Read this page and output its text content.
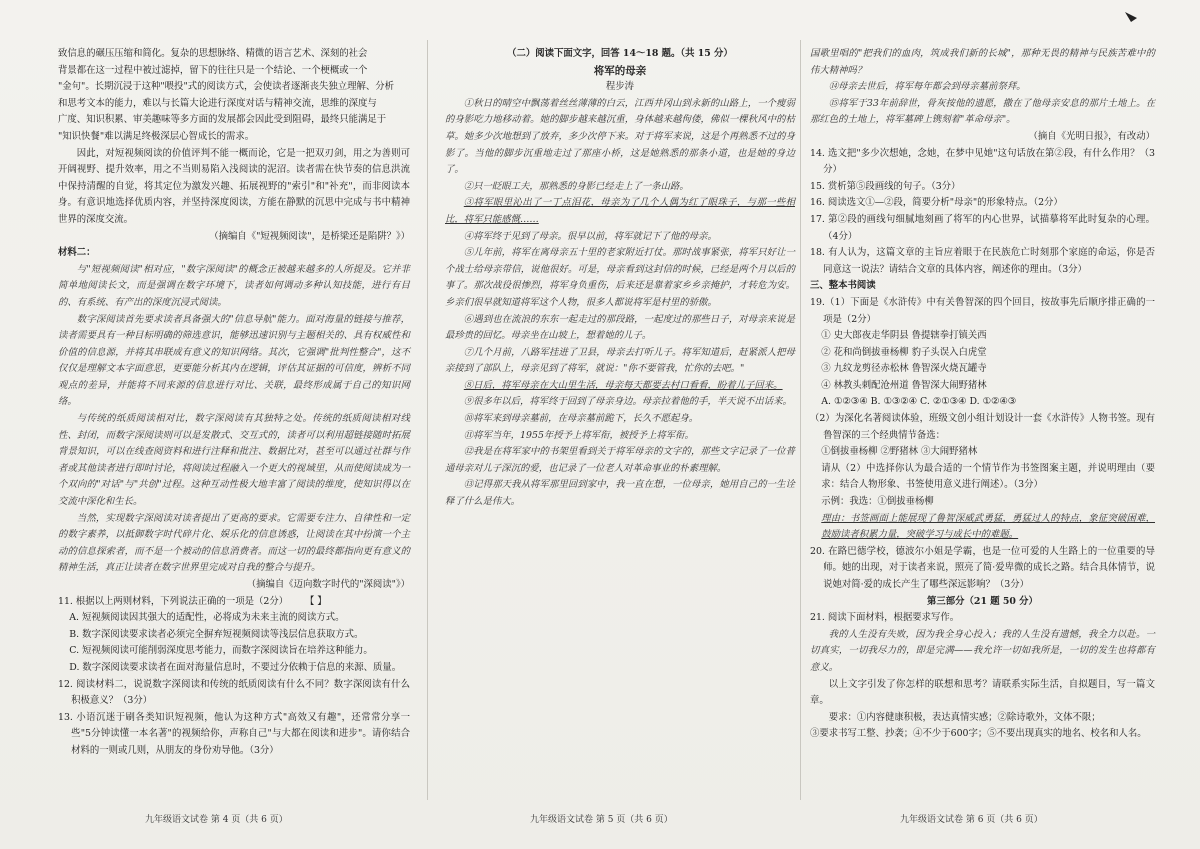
致信息的碾压压缩和简化。复杂的思想脉络、精微的语言艺术、深刻的社会

背景都在这一过程中被过滤掉，留下的往往只是一个结论、一个梗概或一个

"金句"。长期沉浸于这种"喂投"式的阅读方式，会使读者逐渐丧失独立理解、分析

和思考文本的能力，难以与长篇大论进行深度对话与精神交流，思维的深度与

广度、知识积累、审美趣味等多方面的发展都会因此受到阻碍，最终只能满足于

"知识快餐"难以满足终极深层心智成长的需求。

因此，对短视频阅读的价值评判不能一概而论，它是一把双刃剑，用之为善则可开阔视野、提升效率，用之不当则易陷入浅阅读的泥沼。读者需在快节奏的信息洪流中保持清醒的自觉，将其定位为激发兴趣、拓展视野的"索引"和"补充"，而非阅读本身。有意识地选择优质内容，并坚持深度阅读，方能在静默的沉思中完成与书中精神世界的深度交流。

（摘编自《"短视频阅读"，是桥梁还是陷阱？》）

材料二：

与"短视频阅读"相对应，"数字深阅读"的概念正被越来越多的人所提及。它并非简单地阅读长文，而是强调在数字环境下，读者如何调动多种认知技能，进行有目的、有系统、有产出的深度沉浸式阅读。

数字深阅读首先要求读者具备强大的"信息导航"能力。面对海量的链接与推荐，读者需要具有一种目标明确的筛选意识，能够迅速识别与主题相关的、具有权威性和价值的信息源，并将其串联成有意义的知识网络。其次，它强调"批判性整合"，这不仅仅是理解文本字面意思，更要能分析其内在逻辑，评估其证据的可信度，辨析不同观点的差异，并能将不同来源的信息进行对比、关联，最终形成属于自己的知识网络。

与传统的纸质阅读相对比，数字深阅读有其独特之处。传统的纸质阅读相对线性、封闭，而数字深阅读则可以是发散式、交互式的，读者可以利用超链接随时拓展背景知识，可以在线查阅资料和进行注释和批注、数据比对，甚至可以通过社群与作者或其他读者进行即时讨论，将阅读过程融入一个更大的视域里，从而使阅读成为一个双向的"对话"与"共创"过程。这种互动性极大地丰富了阅读的维度，使知识得以在交流中深化和生长。

当然，实现数字深阅读对读者提出了更高的要求。它需要专注力、自律性和一定的数字素养，以抵御数字时代碎片化、娱乐化的信息诱惑，让阅读在其中扮演一个主动的信息探索者，而不是一个被动的信息消费者。而这一切的最终都指向更有意义的精神生活，真正让读者在数字世界里完成对自我的整合与提升。

（摘编自《迈向数字时代的"深阅读"》）

11. 根据以上两则材料，下列说法正确的一项是（2分） 【 】

A. 短视频阅读因其强大的适配性，必将成为未来主流的阅读方式。

B. 数字深阅读要求读者必须完全摒弃短视频阅读等浅层信息获取方式。

C. 短视频阅读可能削弱深度思考能力，而数字深阅读旨在培养这种能力。

D. 数字深阅读要求读者在面对海量信息时，不要过分依赖于信息的来源、质量。

12. 阅读材料二，说说数字深阅读和传统的纸质阅读有什么不同？数字深阅读有什么积极意义？（3分）

13. 小语沉迷于刷各类知识短视频，他认为这种方式"高效又有趣"，还常常分享一些"5分钟读懂一本名著"的视频给你，声称自己"与大都在阅读和进步"。请你结合材料的一则或几则，从朋友的身份劝导他。（3分）

（二）阅读下面文字，回答 14～18 题。（共 15 分）

将军的母亲

程步涛

①秋日的晴空中飘荡着丝丝薄薄的白云，江西井冈山到永新的山路上，一个瘦弱的身影吃力地移动着。她的脚步越来越沉重，身体越来越佝偻，佛似一棵秋风中的枯草。她多少次地想到了放弃，多少次停下来。对于将军来说，这是个再熟悉不过的身影了。当他的脚步沉重地走过了那座小桥，这是她熟悉的那条小道，也是她的身边了。

②只一眨眼工夫，那熟悉的身影已经走上了一条山路。

③将军眼里沁出了一丁点泪花，母亲为了几个人偶为红了眼珠子，与那一些相比，将军只能感慨……

④将军终于见到了母亲。很早以前，将军就记下了他的母亲。

⑤儿年前，将军在离母亲五十里的老家附近打仗。那时战事紧张，将军只好让一个战士给母亲带信，说他很好。可是，母亲看到这封信的时候，已经是两个月以后的事了。那次战役很惨烈，将军身负重伤，后来还是靠着家乡乡亲掩护，才转危为安。乡亲们很早就知道将军这个人物，很多人都说将军是村里的骄傲。

⑥遇到也在流浪的东东一起走过的那段路，一起度过的那些日子，对母亲来说是最珍贵的回忆。母亲坐在山坡上，想着她的儿子。

⑦几个月前，八路军挂进了卫县，母亲去打听儿子。将军知道后，赶紧派人把母亲接到了部队上，母亲见到了将军，就说："你不要管我，忙你的去吧。"

⑧日后，将军母亲在大山里生活，母亲每天都要去村口看看，盼着儿子回来。

⑨很多年以后，将军终于回到了母亲身边。母亲拉着他的手，半天说不出话来。

⑩将军来到母亲墓前，在母亲墓前跪下，长久不愿起身。

⑪将军当年，1955年授予上将军衔，被授予上将军衔。

⑫我是在将军家中的书架里看到关于将军母亲的文字的，那些文字记录了一位普通母亲对儿子深沉的爱，也记录了一位老人对革命事业的朴素理解。

⑬记得那天我从将军那里回到家中，我一直在想，一位母亲，她用自己的一生诠释了什么是伟大。

国歌里唱的"把我们的血肉，筑成我们新的长城"，那种无畏的精神与民族苦难中的伟大精神吗？

⑭母亲去世后，将军每年都会到母亲墓前祭拜。

⑮将军于33年前辞世，骨灰按他的遗愿，撒在了他母亲安息的那片土地上。在那红色的土地上，将军墓碑上镌刻着"革命母亲"。

（摘自《光明日报》，有改动）

14. 选文把"多少次想她，念她，在梦中见她"这句话放在第②段，有什么作用？（3分）

15. 赏析第⑤段画线的句子。（3分）

16. 阅读选文①—②段，简要分析"母亲"的形象特点。（2分）

17. 第②段的画线句细腻地刻画了将军的内心世界，试描摹将军此时复杂的心理。（4分）

18. 有人认为，这篇文章的主旨应着眼于在民族危亡时刻那个家庭的命运，你是否同意这一说法？请结合文章的具体内容，阐述你的理由。（3分）

三、整本书阅读

19.（1）下面是《水浒传》中有关鲁智深的四个回目，按故事先后顺序排正确的一项是（2分）

① 史大郎夜走华阴县 鲁提辖拳打镇关西

② 花和尚倒拔垂杨柳 豹子头误入白虎堂

③ 九纹龙剪径赤松林 鲁智深火烧瓦罐寺

④ 林教头刺配沧州道 鲁智深大闹野猪林

A. ①②③④ B. ①③②④ C. ②①③④ D. ①②④③

（2）为深化名著阅读体验，班级文创小组计划设计一套《水浒传》人物书签。现有鲁智深的三个经典情节备选：

①倒拔垂杨柳 ②野猪林 ③大闹野猪林

请从（2）中选择你认为最合适的一个情节作为书签图案主题，并说明理由（要求：结合人物形象、书签使用意义进行阐述）。（3分）

示例：我选：①倒拔垂杨柳

理由：书签画面上能展现了鲁智深威武勇猛，勇猛过人的特点，象征突破困难，鼓励读者积累力量，突破学习与成长中的难题。

20. 在路巴德学校，德波尔小姐是学霸，也是一位可爱的人生路上的一位重要的导师。她的出现，对于读者来说，照亮了简·爱卑微的成长之路。结合具体情节，说说她对简·爱的成长产生了哪些深远影响？（3分）

第三部分（21 题 50 分）

21. 阅读下面材料，根据要求写作。

我的人生没有失败，因为我全身心投入；我的人生没有遗憾，我全力以赴。一切真实，一切我尽力的，即是完满——我允许一切如我所是，一切的发生也将都有意义。

以上文字引发了你怎样的联想和思考？请联系实际生活，自拟题目，写一篇文章。

要求：①内容健康积极，表达真情实感；②除诗歌外，文体不限；

③要求书写工整、抄袭；④不少于600字；⑤不要出现真实的地名、校名和人名。

九年级语文试卷 第 4 页（共 6 页）	九年级语文试卷 第 5 页（共 6 页）	九年级语文试卷 第 6 页（共 6 页）
